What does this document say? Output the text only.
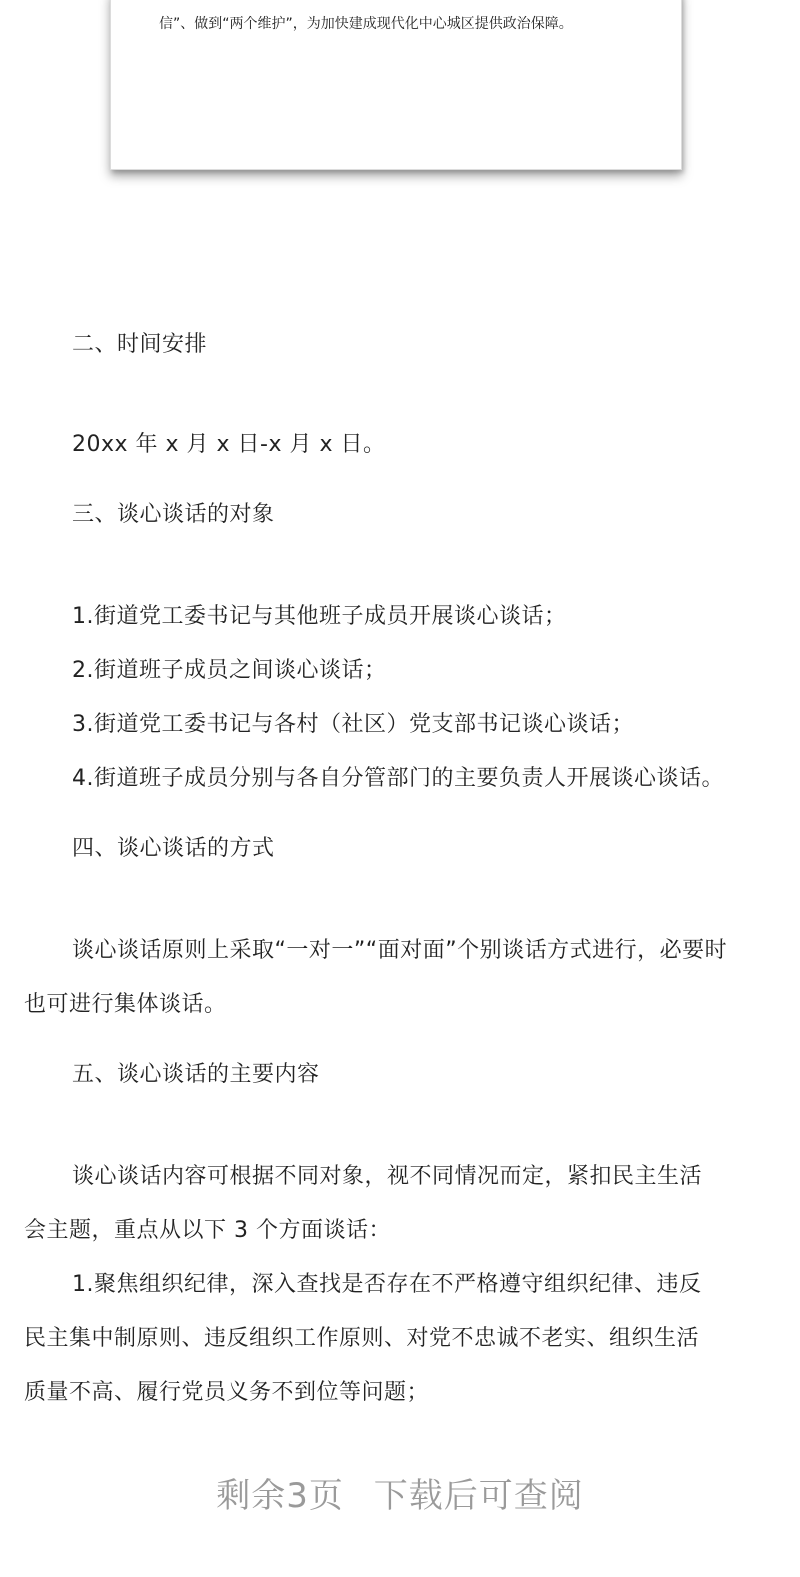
信”、做到“两个维护”，为加快建成现代化中心城区提供政治保障。
二、时间安排
20xx 年 x 月 x 日-x 月 x 日。
三、谈心谈话的对象
1.街道党工委书记与其他班子成员开展谈心谈话；
2.街道班子成员之间谈心谈话；
3.街道党工委书记与各村（社区）党支部书记谈心谈话；
4.街道班子成员分别与各自分管部门的主要负责人开展谈心谈话。
四、谈心谈话的方式
谈心谈话原则上采取“一对一”“面对面”个别谈话方式进行，必要时
也可进行集体谈话。
五、谈心谈话的主要内容
谈心谈话内容可根据不同对象，视不同情况而定，紧扣民主生活
会主题，重点从以下 3 个方面谈话：
1.聚焦组织纪律，深入查找是否存在不严格遵守组织纪律、违反
民主集中制原则、违反组织工作原则、对党不忠诚不老实、组织生活
质量不高、履行党员义务不到位等问题；
剩余3页 下载后可查阅
